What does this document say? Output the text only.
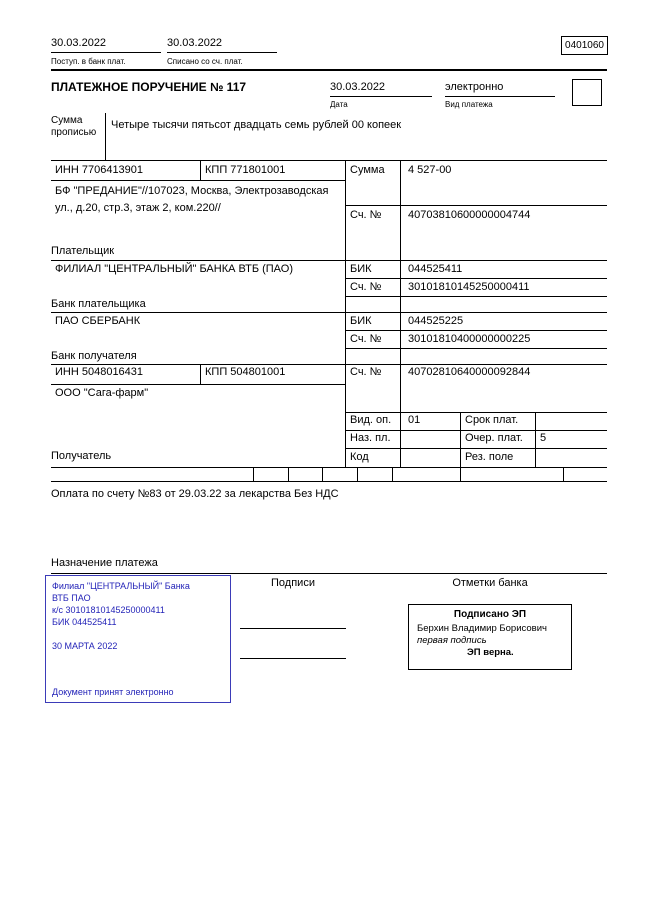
30.03.2022
Поступ. в банк плат.
30.03.2022
Списано со сч. плат.
0401060
ПЛАТЕЖНОЕ ПОРУЧЕНИЕ № 117	30.03.2022
Дата
электронно
Вид платежа
Сумма прописью
Четыре тысячи пятьсот двадцать семь рублей 00 копеек
ИНН 7706413901	КПП 771801001	Сумма 4 527-00
БФ "ПРЕДАНИЕ"//107023, Москва, Электрозаводская ул., д.20, стр.3, этаж 2, ком.220//
Сч. № 40703810600000004744
Плательщик
ФИЛИАЛ "ЦЕНТРАЛЬНЫЙ" БАНКА ВТБ (ПАО)	БИК	044525411
Сч. № 30101810145250000411
Банк плательщика
ПАО СБЕРБАНК	БИК	044525225
Сч. № 30101810400000000225
Банк получателя
ИНН 5048016431	КПП 504801001	Сч. № 40702810640000092844
ООО "Сага-фарм"
Вид. оп. 01	Срок плат.
Наз. пл.	Очер. плат. 5
Получатель	Код	Рез. поле
Оплата по счету №83 от 29.03.22 за лекарства Без НДС
Назначение платежа
Подписи	Отметки банка
Филиал "ЦЕНТРАЛЬНЫЙ" Банка
ВТБ ПАО
к/с 30101810145250000411
БИК 044525411
30 МАРТА 2022
Документ принят электронно
Подписано ЭП
Берхин Владимир Борисович
первая подпись
ЭП верна.
